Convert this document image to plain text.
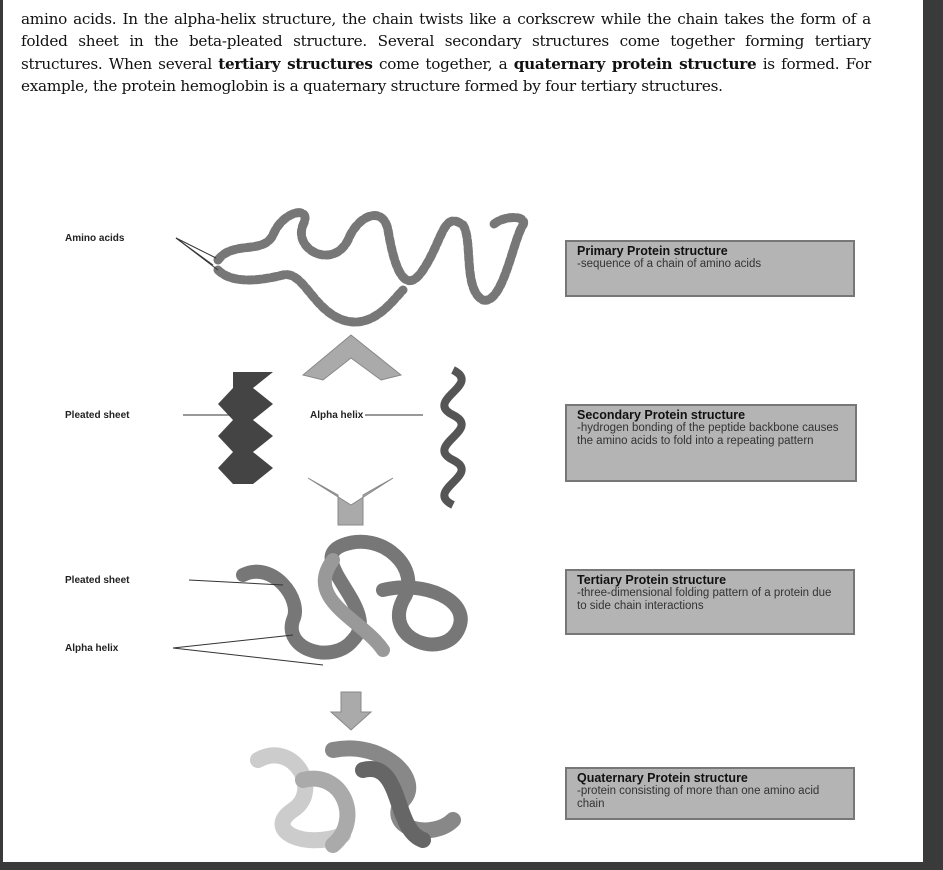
amino acids. In the alpha-helix structure, the chain twists like a corkscrew while the chain takes the form of a folded sheet in the beta-pleated structure. Several secondary structures come together forming tertiary structures. When several tertiary structures come together, a quaternary protein structure is formed. For example, the protein hemoglobin is a quaternary structure formed by four tertiary structures.
Amino acids
Pleated sheet	Alpha helix
Pleated sheet
Alpha helix
Primary Protein structure
-sequence of a chain of amino acids
Secondary Protein structure
-hydrogen bonding of the peptide backbone causes the amino acids to fold into a repeating pattern
Tertiary Protein structure
-three-dimensional folding pattern of a protein due to side chain interactions
Quaternary Protein structure
-protein consisting of more than one amino acid chain
